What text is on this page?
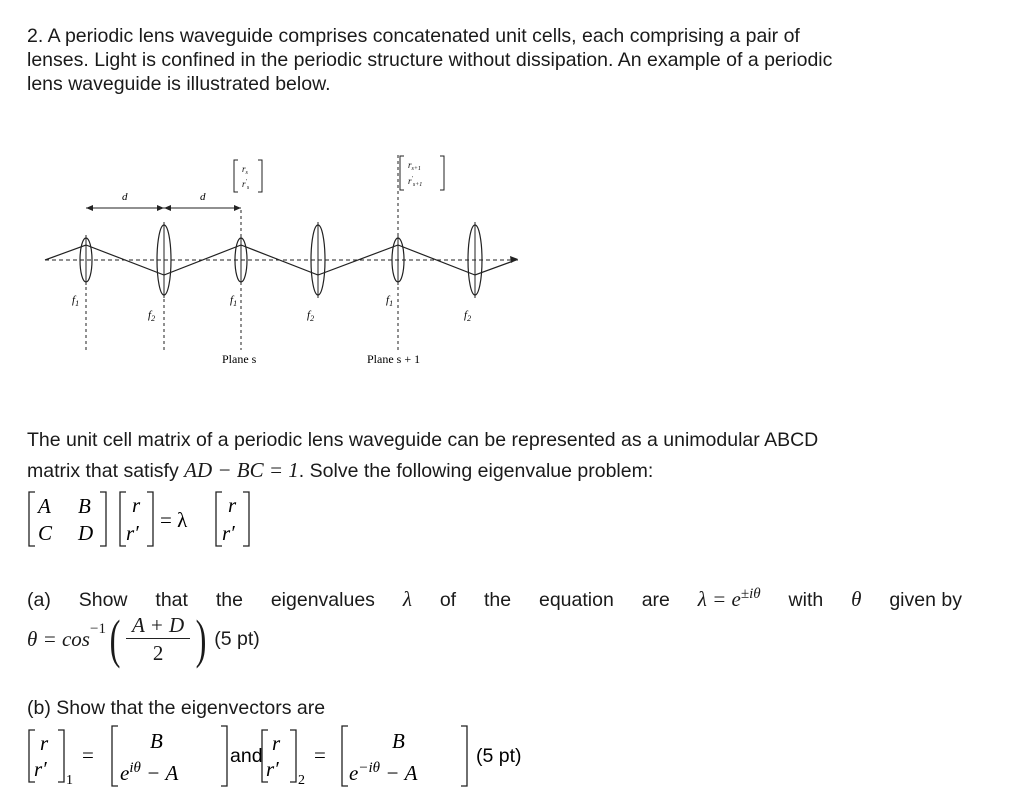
2. A periodic lens waveguide comprises concatenated unit cells, each comprising a pair of
lenses. Light is confined in the periodic structure without dissipation. An example of a periodic
lens waveguide is illustrated below.
d	d
$f_1$
$f_2$
$f_1$
$f_2$
$f_1$
$f_2$
$r_s$
$r'_s$
$r_{s+1}$
$r'_{s+1}$
Plane s	Plane s + 1
The unit cell matrix of a periodic lens waveguide can be represented as a unimodular ABCD
matrix that satisfy AD − BC = 1. Solve the following eigenvalue problem:
A B
C D
r
r′
= λ
r
r′
(a) Show that the eigenvalues λ of the equation are $\lambda = e^{\pm i\theta}$ with θ given by
$\theta = \cos^{-1}$ ( A + D
2 ) (5 pt)
(b) Show that the eigenvectors are
r
r′ 1
=
B
$e^{i\theta} - A$
r
r′ 2
=
B
$e^{-i\theta} - A$
and	(5 pt)
